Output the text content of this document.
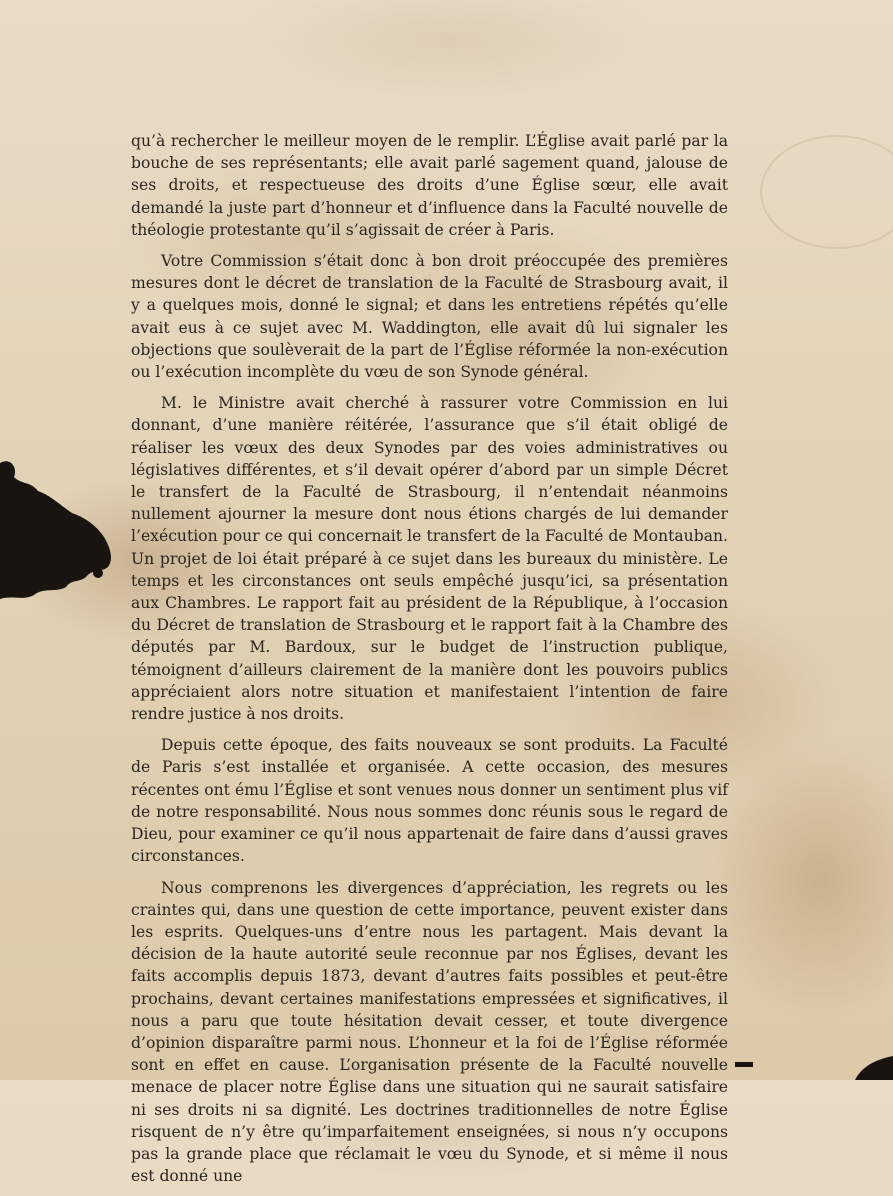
qu’à rechercher le meilleur moyen de le remplir. L’Église avait parlé par la bouche de ses représentants; elle avait parlé sagement quand, jalouse de ses droits, et respectueuse des droits d’une Église sœur, elle avait demandé la juste part d’honneur et d’influence dans la Faculté nouvelle de théologie protestante qu’il s’agissait de créer à Paris.

Votre Commission s’était donc à bon droit préoccupée des premières mesures dont le décret de translation de la Faculté de Strasbourg avait, il y a quelques mois, donné le signal; et dans les entretiens répétés qu’elle avait eus à ce sujet avec M. Waddington, elle avait dû lui signaler les objections que soulèverait de la part de l’Église réformée la non-exécution ou l’exécution incomplète du vœu de son Synode général.

M. le Ministre avait cherché à rassurer votre Commission en lui donnant, d’une manière réitérée, l’assurance que s’il était obligé de réaliser les vœux des deux Synodes par des voies administratives ou législatives différentes, et s’il devait opérer d’abord par un simple Décret le transfert de la Faculté de Strasbourg, il n’entendait néanmoins nullement ajourner la mesure dont nous étions chargés de lui demander l’exécution pour ce qui concernait le transfert de la Faculté de Montauban. Un projet de loi était préparé à ce sujet dans les bureaux du ministère. Le temps et les circonstances ont seuls empêché jusqu’ici, sa présentation aux Chambres. Le rapport fait au président de la République, à l’occasion du Décret de translation de Strasbourg et le rapport fait à la Chambre des députés par M. Bardoux, sur le budget de l’instruction publique, témoignent d’ailleurs clairement de la manière dont les pouvoirs publics appréciaient alors notre situation et manifestaient l’intention de faire rendre justice à nos droits.

Depuis cette époque, des faits nouveaux se sont produits. La Faculté de Paris s’est installée et organisée. A cette occasion, des mesures récentes ont ému l’Église et sont venues nous donner un sentiment plus vif de notre responsabilité. Nous nous sommes donc réunis sous le regard de Dieu, pour examiner ce qu’il nous appartenait de faire dans d’aussi graves circonstances.

Nous comprenons les divergences d’appréciation, les regrets ou les craintes qui, dans une question de cette importance, peuvent exister dans les esprits. Quelques-uns d’entre nous les partagent. Mais devant la décision de la haute autorité seule reconnue par nos Églises, devant les faits accomplis depuis 1873, devant d’autres faits possibles et peut-être prochains, devant certaines manifestations empressées et significatives, il nous a paru que toute hésitation devait cesser, et toute divergence d’opinion disparaître parmi nous. L’honneur et la foi de l’Église réformée sont en effet en cause. L’organisation présente de la Faculté nouvelle menace de placer notre Église dans une situation qui ne saurait satisfaire ni ses droits ni sa dignité. Les doctrines traditionnelles de notre Église risquent de n’y être qu’imparfaitement enseignées, si nous n’y occupons pas la grande place que réclamait le vœu du Synode, et si même il nous est donné une
